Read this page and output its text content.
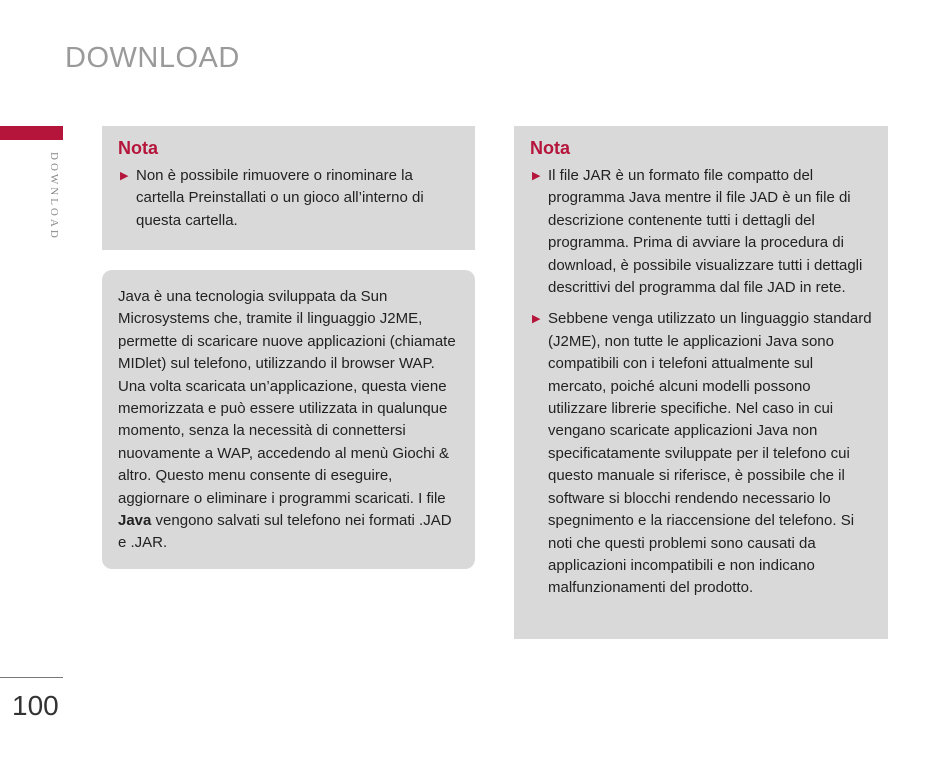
DOWNLOAD
DOWNLOAD
Nota
▶ Non è possibile rimuovere o rinominare la cartella Preinstallati o un gioco all’interno di questa cartella.
Java è una tecnologia sviluppata da Sun Microsystems che, tramite il linguaggio J2ME, permette di scaricare nuove applicazioni (chiamate MIDlet) sul telefono, utilizzando il browser WAP. Una volta scaricata un’applicazione, questa viene memorizzata e può essere utilizzata in qualunque momento, senza la necessità di connettersi nuovamente a WAP, accedendo al menù Giochi & altro. Questo menu consente di eseguire, aggiornare o eliminare i programmi scaricati. I file Java vengono salvati sul telefono nei formati .JAD e .JAR.
Nota
▶ Il file JAR è un formato file compatto del programma Java mentre il file JAD è un file di descrizione contenente tutti i dettagli del programma. Prima di avviare la procedura di download, è possibile visualizzare tutti i dettagli descrittivi del programma dal file JAD in rete.
▶ Sebbene venga utilizzato un linguaggio standard (J2ME), non tutte le applicazioni Java sono compatibili con i telefoni attualmente sul mercato, poiché alcuni modelli possono utilizzare librerie specifiche. Nel caso in cui vengano scaricate applicazioni Java non specificatamente sviluppate per il telefono cui questo manuale si riferisce, è possibile che il software si blocchi rendendo necessario lo spegnimento e la riaccensione del telefono. Si noti che questi problemi sono causati da applicazioni incompatibili e non indicano malfunzionamenti del prodotto.
100
